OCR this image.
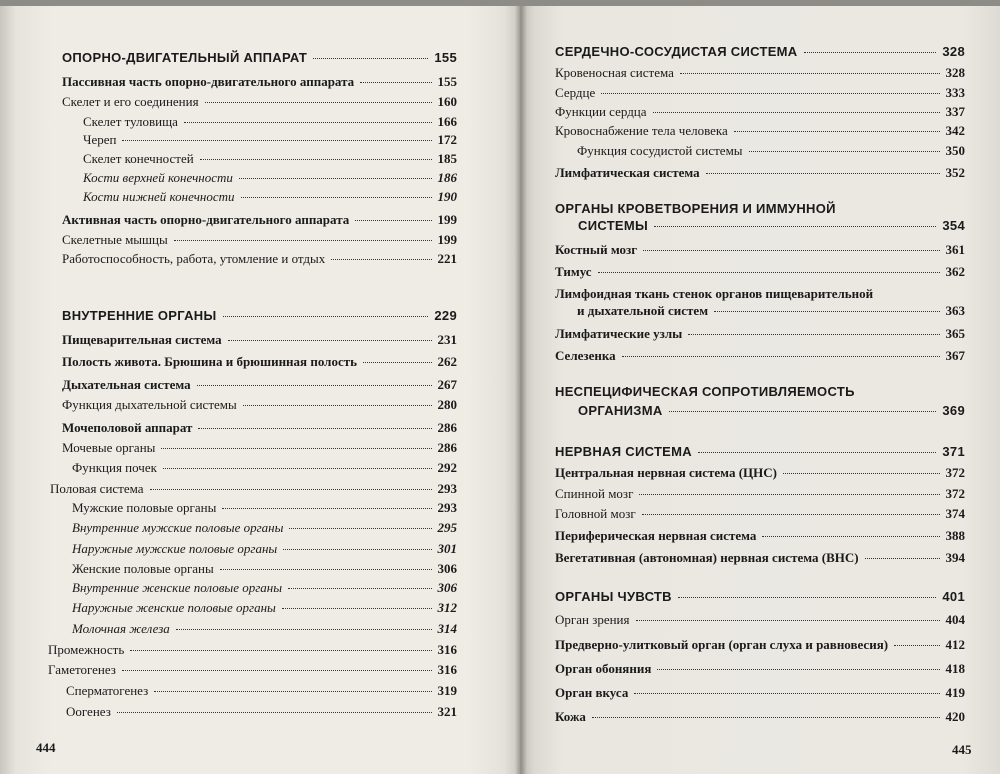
ОПОРНО-ДВИГАТЕЛЬНЫЙ АППАРАТ	155
Пассивная часть опорно-двигательного аппарата	155
Скелет и его соединения	160
Скелет туловища	166
Череп	172
Скелет конечностей	185
Кости верхней конечности	186
Кости нижней конечности	190
Активная часть опорно-двигательного аппарата	199
Скелетные мышцы	199
Работоспособность, работа, утомление и отдых	221
ВНУТРЕННИЕ ОРГАНЫ	229
Пищеварительная система	231
Полость живота. Брюшина и брюшинная полость	262
Дыхательная система	267
Функция дыхательной системы	280
Мочеполовой аппарат	286
Мочевые органы	286
Функция почек	292
Половая система	293
Мужские половые органы	293
Внутренние мужские половые органы	295
Наружные мужские половые органы	301
Женские половые органы	306
Внутренние женские половые органы	306
Наружные женские половые органы	312
Молочная железа	314
Промежность	316
Гаметогенез	316
Сперматогенез	319
Оогенез	321
444
СЕРДЕЧНО-СОСУДИСТАЯ СИСТЕМА	328
Кровеносная система	328
Сердце	333
Функции сердца	337
Кровоснабжение тела человека	342
Функция сосудистой системы	350
Лимфатическая система	352
ОРГАНЫ КРОВЕТВОРЕНИЯ И ИММУННОЙ
СИСТЕМЫ	354
Костный мозг	361
Тимус	362
Лимфоидная ткань стенок органов пищеварительной
и дыхательной систем	363
Лимфатические узлы	365
Селезенка	367
НЕСПЕЦИФИЧЕСКАЯ СОПРОТИВЛЯЕМОСТЬ
ОРГАНИЗМА	369
НЕРВНАЯ СИСТЕМА	371
Центральная нервная система (ЦНС)	372
Спинной мозг	372
Головной мозг	374
Периферическая нервная система	388
Вегетативная (автономная) нервная система (ВНС)	394
ОРГАНЫ ЧУВСТВ	401
Орган зрения	404
Предверно-улитковый орган (орган слуха и равновесия)	412
Орган обоняния	418
Орган вкуса	419
Кожа	420
445
